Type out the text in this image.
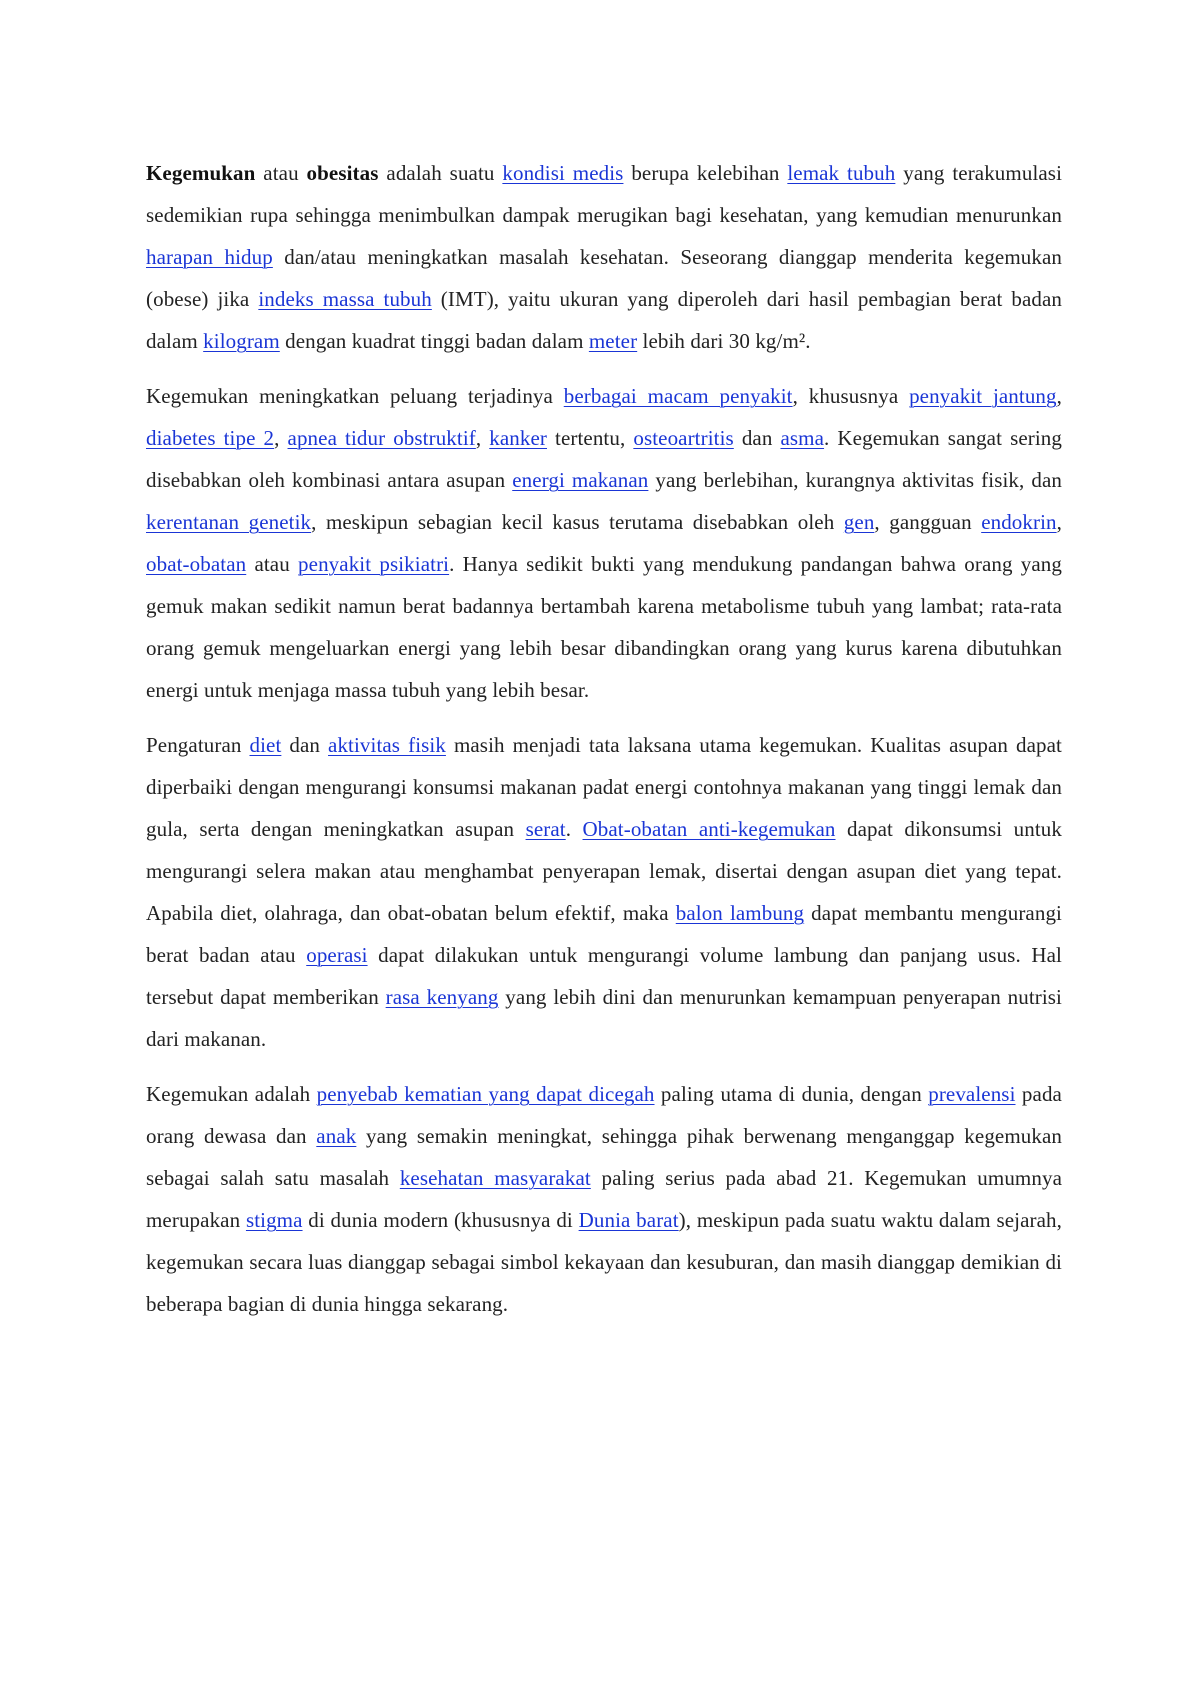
Kegemukan atau obesitas adalah suatu kondisi medis berupa kelebihan lemak tubuh yang terakumulasi sedemikian rupa sehingga menimbulkan dampak merugikan bagi kesehatan, yang kemudian menurunkan harapan hidup dan/atau meningkatkan masalah kesehatan. Seseorang dianggap menderita kegemukan (obese) jika indeks massa tubuh (IMT), yaitu ukuran yang diperoleh dari hasil pembagian berat badan dalam kilogram dengan kuadrat tinggi badan dalam meter lebih dari 30 kg/m².

Kegemukan meningkatkan peluang terjadinya berbagai macam penyakit, khususnya penyakit jantung, diabetes tipe 2, apnea tidur obstruktif, kanker tertentu, osteoartritis dan asma. Kegemukan sangat sering disebabkan oleh kombinasi antara asupan energi makanan yang berlebihan, kurangnya aktivitas fisik, dan kerentanan genetik, meskipun sebagian kecil kasus terutama disebabkan oleh gen, gangguan endokrin, obat-obatan atau penyakit psikiatri. Hanya sedikit bukti yang mendukung pandangan bahwa orang yang gemuk makan sedikit namun berat badannya bertambah karena metabolisme tubuh yang lambat; rata-rata orang gemuk mengeluarkan energi yang lebih besar dibandingkan orang yang kurus karena dibutuhkan energi untuk menjaga massa tubuh yang lebih besar.

Pengaturan diet dan aktivitas fisik masih menjadi tata laksana utama kegemukan. Kualitas asupan dapat diperbaiki dengan mengurangi konsumsi makanan padat energi contohnya makanan yang tinggi lemak dan gula, serta dengan meningkatkan asupan serat. Obat-obatan anti-kegemukan dapat dikonsumsi untuk mengurangi selera makan atau menghambat penyerapan lemak, disertai dengan asupan diet yang tepat. Apabila diet, olahraga, dan obat-obatan belum efektif, maka balon lambung dapat membantu mengurangi berat badan atau operasi dapat dilakukan untuk mengurangi volume lambung dan panjang usus. Hal tersebut dapat memberikan rasa kenyang yang lebih dini dan menurunkan kemampuan penyerapan nutrisi dari makanan.

Kegemukan adalah penyebab kematian yang dapat dicegah paling utama di dunia, dengan prevalensi pada orang dewasa dan anak yang semakin meningkat, sehingga pihak berwenang menganggap kegemukan sebagai salah satu masalah kesehatan masyarakat paling serius pada abad 21. Kegemukan umumnya merupakan stigma di dunia modern (khususnya di Dunia barat), meskipun pada suatu waktu dalam sejarah, kegemukan secara luas dianggap sebagai simbol kekayaan dan kesuburan, dan masih dianggap demikian di beberapa bagian di dunia hingga sekarang.
